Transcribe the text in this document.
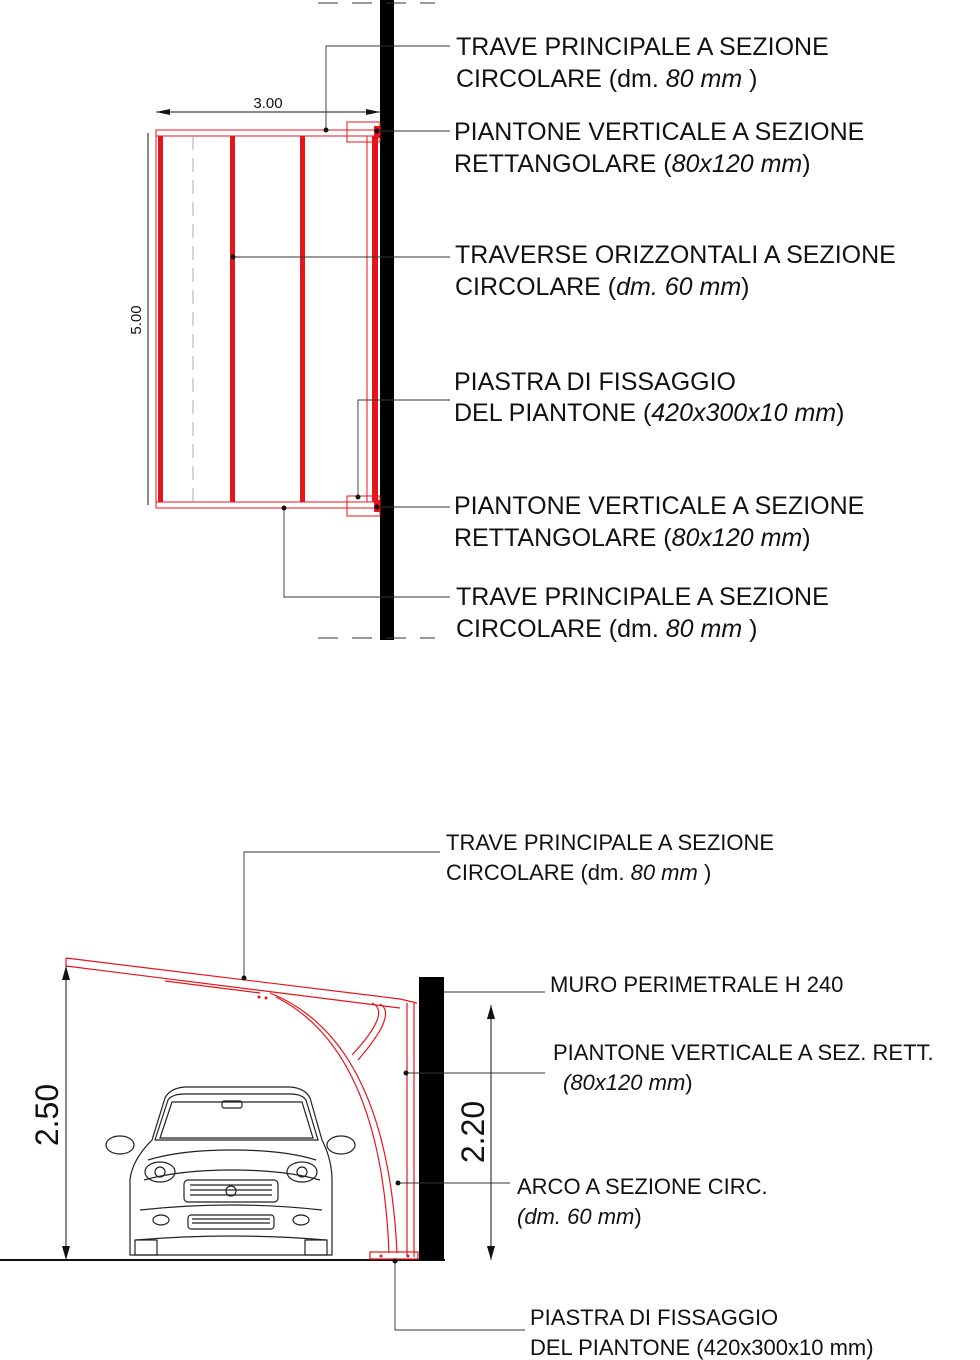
3.00
5.00
TRAVE PRINCIPALE A SEZIONE CIRCOLARE (dm. 80 mm )
PIANTONE VERTICALE A SEZIONE RETTANGOLARE (80x120 mm)
TRAVERSE ORIZZONTALI A SEZIONE CIRCOLARE (dm. 60 mm)
PIASTRA DI FISSAGGIO DEL PIANTONE (420x300x10 mm)
PIANTONE VERTICALE A SEZIONE RETTANGOLARE (80x120 mm)
TRAVE PRINCIPALE A SEZIONE CIRCOLARE (dm. 80 mm )
2.50	2.20
TRAVE PRINCIPALE A SEZIONE CIRCOLARE (dm. 80 mm )
MURO PERIMETRALE H 240
PIANTONE VERTICALE A SEZ. RETT. (80x120 mm)
ARCO A SEZIONE CIRC. (dm. 60 mm)
PIASTRA DI FISSAGGIO DEL PIANTONE (420x300x10 mm)
